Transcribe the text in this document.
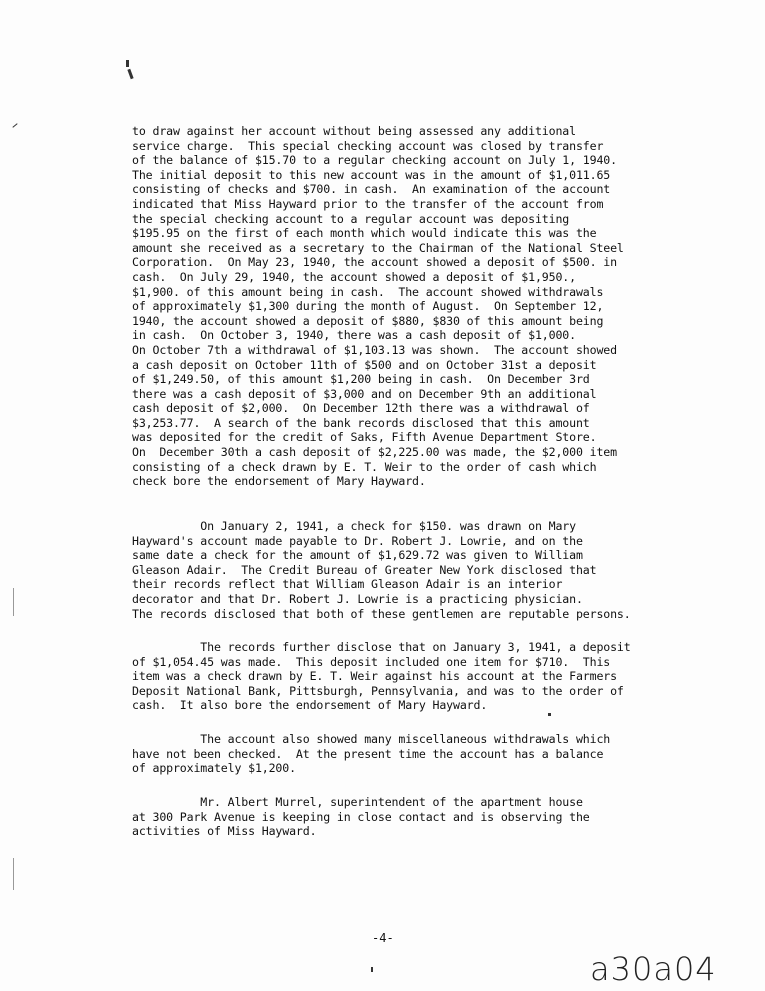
to draw against her account without being assessed any additional
service charge.  This special checking account was closed by transfer
of the balance of $15.70 to a regular checking account on July 1, 1940.
The initial deposit to this new account was in the amount of $1,011.65
consisting of checks and $700. in cash.  An examination of the account
indicated that Miss Hayward prior to the transfer of the account from
the special checking account to a regular account was depositing
$195.95 on the first of each month which would indicate this was the
amount she received as a secretary to the Chairman of the National Steel
Corporation.  On May 23, 1940, the account showed a deposit of $500. in
cash.  On July 29, 1940, the account showed a deposit of $1,950.,
$1,900. of this amount being in cash.  The account showed withdrawals
of approximately $1,300 during the month of August.  On September 12,
1940, the account showed a deposit of $880, $830 of this amount being
in cash.  On October 3, 1940, there was a cash deposit of $1,000.
On October 7th a withdrawal of $1,103.13 was shown.  The account showed
a cash deposit on October 11th of $500 and on October 31st a deposit
of $1,249.50, of this amount $1,200 being in cash.  On December 3rd
there was a cash deposit of $3,000 and on December 9th an additional
cash deposit of $2,000.  On December 12th there was a withdrawal of
$3,253.77.  A search of the bank records disclosed that this amount
was deposited for the credit of Saks, Fifth Avenue Department Store.
On  December 30th a cash deposit of $2,225.00 was made, the $2,000 item
consisting of a check drawn by E. T. Weir to the order of cash which
check bore the endorsement of Mary Hayward.

On January 2, 1941, a check for $150. was drawn on Mary
Hayward's account made payable to Dr. Robert J. Lowrie, and on the
same date a check for the amount of $1,629.72 was given to William
Gleason Adair.  The Credit Bureau of Greater New York disclosed that
their records reflect that William Gleason Adair is an interior
decorator and that Dr. Robert J. Lowrie is a practicing physician.
The records disclosed that both of these gentlemen are reputable persons.

The records further disclose that on January 3, 1941, a deposit
of $1,054.45 was made.  This deposit included one item for $710.  This
item was a check drawn by E. T. Weir against his account at the Farmers
Deposit National Bank, Pittsburgh, Pennsylvania, and was to the order of
cash.  It also bore the endorsement of Mary Hayward.

The account also showed many miscellaneous withdrawals which
have not been checked.  At the present time the account has a balance
of approximately $1,200.

Mr. Albert Murrel, superintendent of the apartment house
at 300 Park Avenue is keeping in close contact and is observing the
activities of Miss Hayward.

-4-

a30a04
